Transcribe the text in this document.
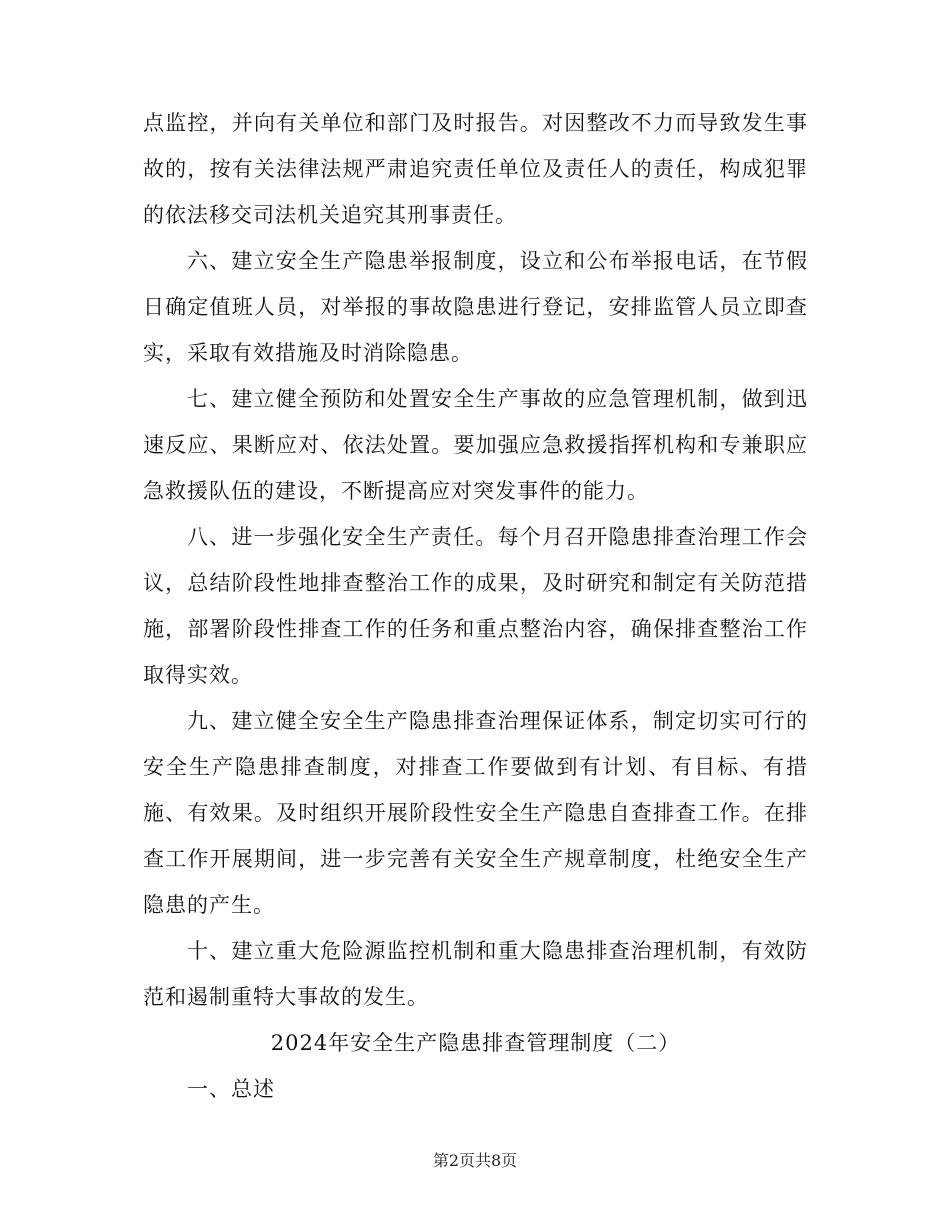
点监控，并向有关单位和部门及时报告。对因整改不力而导致发生事故的，按有关法律法规严肃追究责任单位及责任人的责任，构成犯罪的依法移交司法机关追究其刑事责任。

六、建立安全生产隐患举报制度，设立和公布举报电话，在节假日确定值班人员，对举报的事故隐患进行登记，安排监管人员立即查实，采取有效措施及时消除隐患。

七、建立健全预防和处置安全生产事故的应急管理机制，做到迅速反应、果断应对、依法处置。要加强应急救援指挥机构和专兼职应急救援队伍的建设，不断提高应对突发事件的能力。

八、进一步强化安全生产责任。每个月召开隐患排查治理工作会议，总结阶段性地排查整治工作的成果，及时研究和制定有关防范措施，部署阶段性排查工作的任务和重点整治内容，确保排查整治工作取得实效。

九、建立健全安全生产隐患排查治理保证体系，制定切实可行的安全生产隐患排查制度，对排查工作要做到有计划、有目标、有措施、有效果。及时组织开展阶段性安全生产隐患自查排查工作。在排查工作开展期间，进一步完善有关安全生产规章制度，杜绝安全生产隐患的产生。

十、建立重大危险源监控机制和重大隐患排查治理机制，有效防范和遏制重特大事故的发生。

2024年安全生产隐患排查管理制度（二）

一、总述

第2页共8页
